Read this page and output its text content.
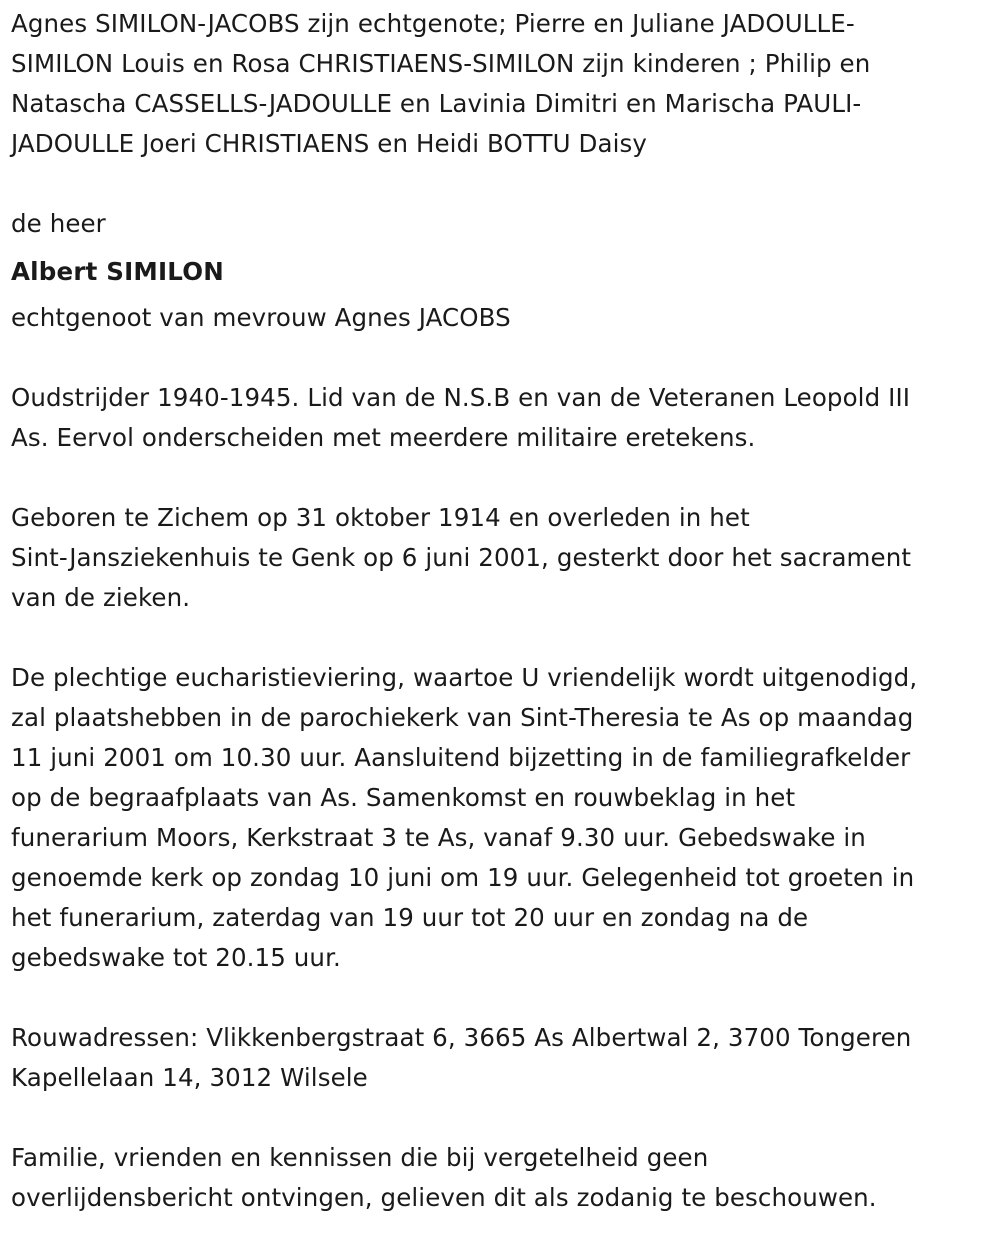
Agnes SIMILON-JACOBS zijn echtgenote; Pierre en Juliane JADOULLE-
SIMILON Louis en Rosa CHRISTIAENS-SIMILON zijn kinderen ; Philip en
Natascha CASSELLS-JADOULLE en Lavinia Dimitri en Marischa PAULI-
JADOULLE Joeri CHRISTIAENS en Heidi BOTTU Daisy

de heer

Albert SIMILON

echtgenoot van mevrouw Agnes JACOBS

Oudstrijder 1940-1945. Lid van de N.S.B en van de Veteranen Leopold III
As. Eervol onderscheiden met meerdere militaire eretekens.

Geboren te Zichem op 31 oktober 1914 en overleden in het
Sint-Jansziekenhuis te Genk op 6 juni 2001, gesterkt door het sacrament
van de zieken.

De plechtige eucharistieviering, waartoe U vriendelijk wordt uitgenodigd,
zal plaatshebben in de parochiekerk van Sint-Theresia te As op maandag
11 juni 2001 om 10.30 uur. Aansluitend bijzetting in de familiegrafkelder
op de begraafplaats van As. Samenkomst en rouwbeklag in het
funerarium Moors, Kerkstraat 3 te As, vanaf 9.30 uur. Gebedswake in
genoemde kerk op zondag 10 juni om 19 uur. Gelegenheid tot groeten in
het funerarium, zaterdag van 19 uur tot 20 uur en zondag na de
gebedswake tot 20.15 uur.

Rouwadressen: Vlikkenbergstraat 6, 3665 As Albertwal 2, 3700 Tongeren
Kapellelaan 14, 3012 Wilsele

Familie, vrienden en kennissen die bij vergetelheid geen
overlijdensbericht ontvingen, gelieven dit als zodanig te beschouwen.
